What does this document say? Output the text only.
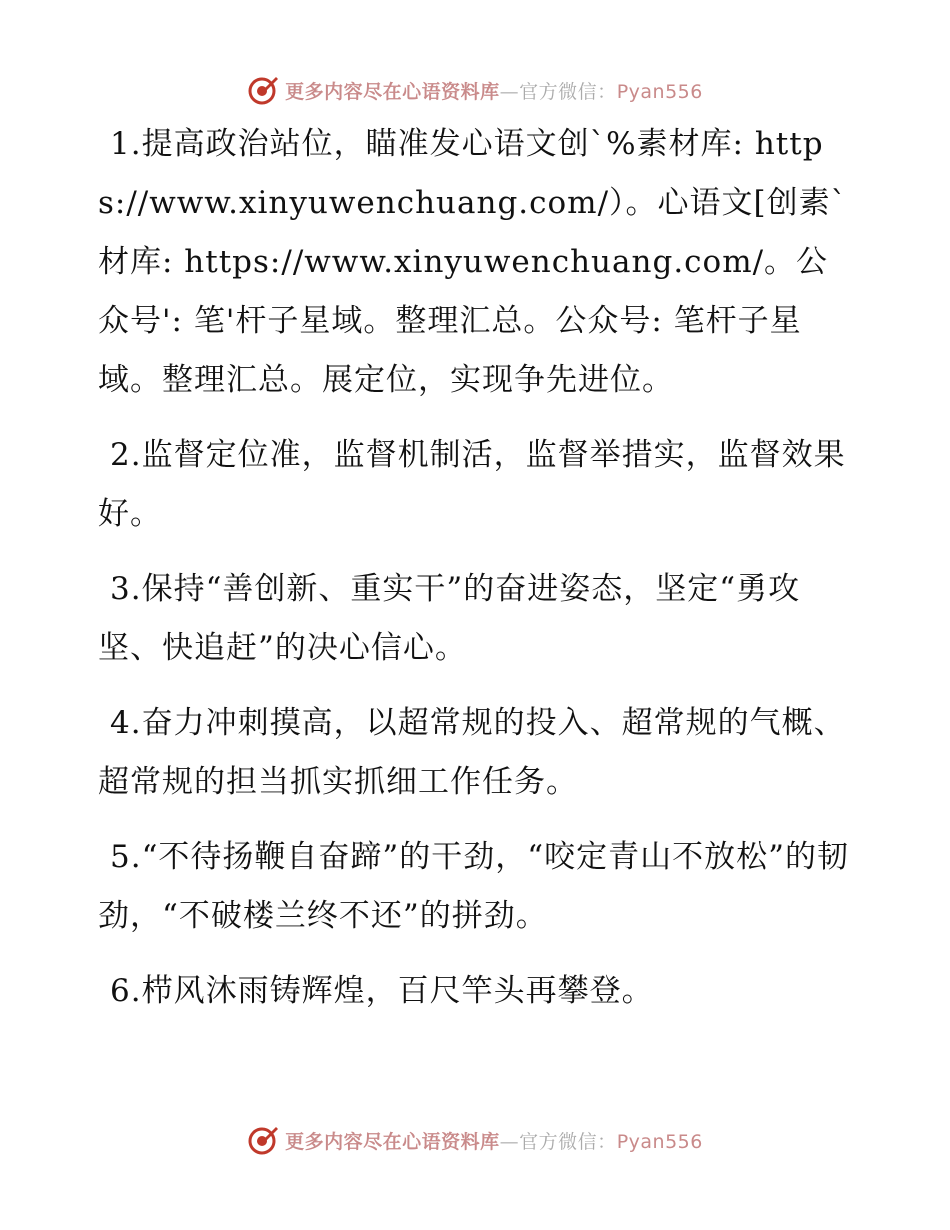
更多内容尽在心语资料库—官方微信：Pyan556

1.提高政治站位，瞄准发心语文创`%素材库: https://www.xinyuwenchuang.com/）。心语文[创素`材库: https://www.xinyuwenchuang.com/。公众号': 笔'杆子星域。整理汇总。公众号: 笔杆子星域。整理汇总。展定位，实现争先进位。

2.监督定位准，监督机制活，监督举措实，监督效果好。

3.保持“善创新、重实干”的奋进姿态，坚定“勇攻坚、快追赶”的决心信心。

4.奋力冲刺摸高，以超常规的投入、超常规的气概、超常规的担当抓实抓细工作任务。

5.“不待扬鞭自奋蹄”的干劲，“咬定青山不放松”的韧劲，“不破楼兰终不还”的拼劲。

6.栉风沐雨铸辉煌，百尺竿头再攀登。

更多内容尽在心语资料库—官方微信：Pyan556
